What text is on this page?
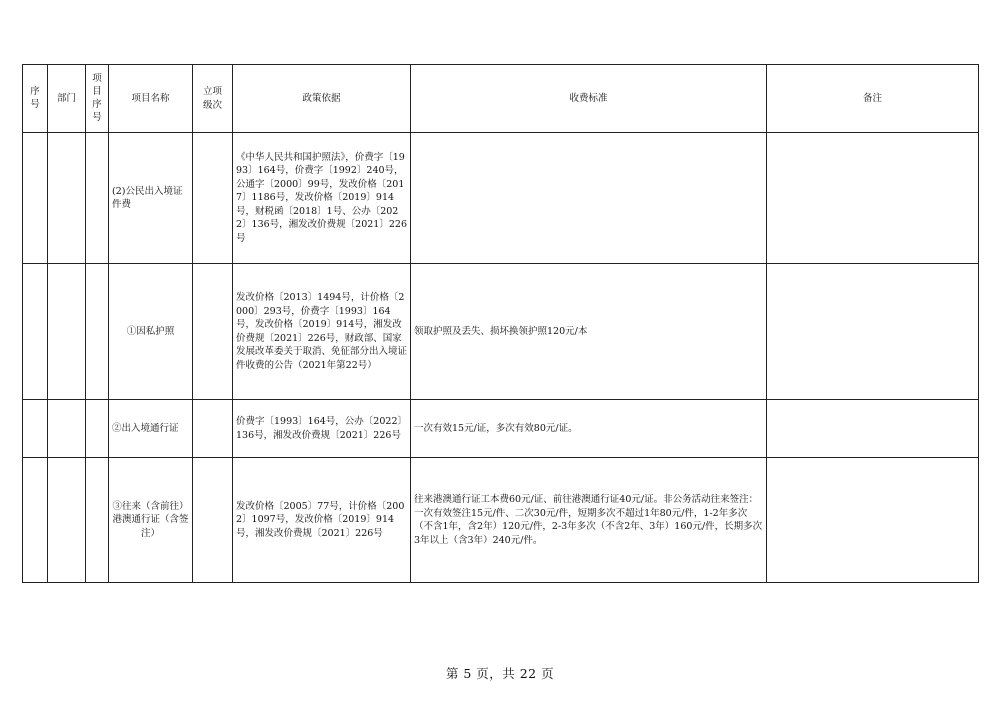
序号	部门	项目序号	项目名称	立项级次	政策依据	收费标准	备注
			(2)公民出入境证件费		《中华人民共和国护照法》，价费字〔1993〕164号，价费字〔1992〕240号，公通字〔2000〕99号，发改价格〔2017〕1186号，发改价格〔2019〕914号，财税函〔2018〕1号、公办〔2022〕136号，湘发改价费规〔2021〕226号		
			①因私护照		发改价格〔2013〕1494号，计价格〔2000〕293号，价费字〔1993〕164号，发改价格〔2019〕914号，湘发改价费规〔2021〕226号，财政部、国家发展改革委关于取消、免征部分出入境证件收费的公告（2021年第22号）	领取护照及丢失、损坏换领护照120元/本	
			②出入境通行证		价费字〔1993〕164号，公办〔2022〕136号，湘发改价费规〔2021〕226号	一次有效15元/证，多次有效80元/证。	
			③往来（含前往）港澳通行证（含签注）		发改价格〔2005〕77号，计价格〔2002〕1097号，发改价格〔2019〕914号，湘发改价费规〔2021〕226号	往来港澳通行证工本费60元/证、前往港澳通行证40元/证。非公务活动往来签注：一次有效签注15元/件、二次30元/件，短期多次不超过1年80元/件，1-2年多次（不含1年，含2年）120元/件，2-3年多次（不含2年、3年）160元/件，长期多次3年以上（含3年）240元/件。	
第 5 页，共 22 页
